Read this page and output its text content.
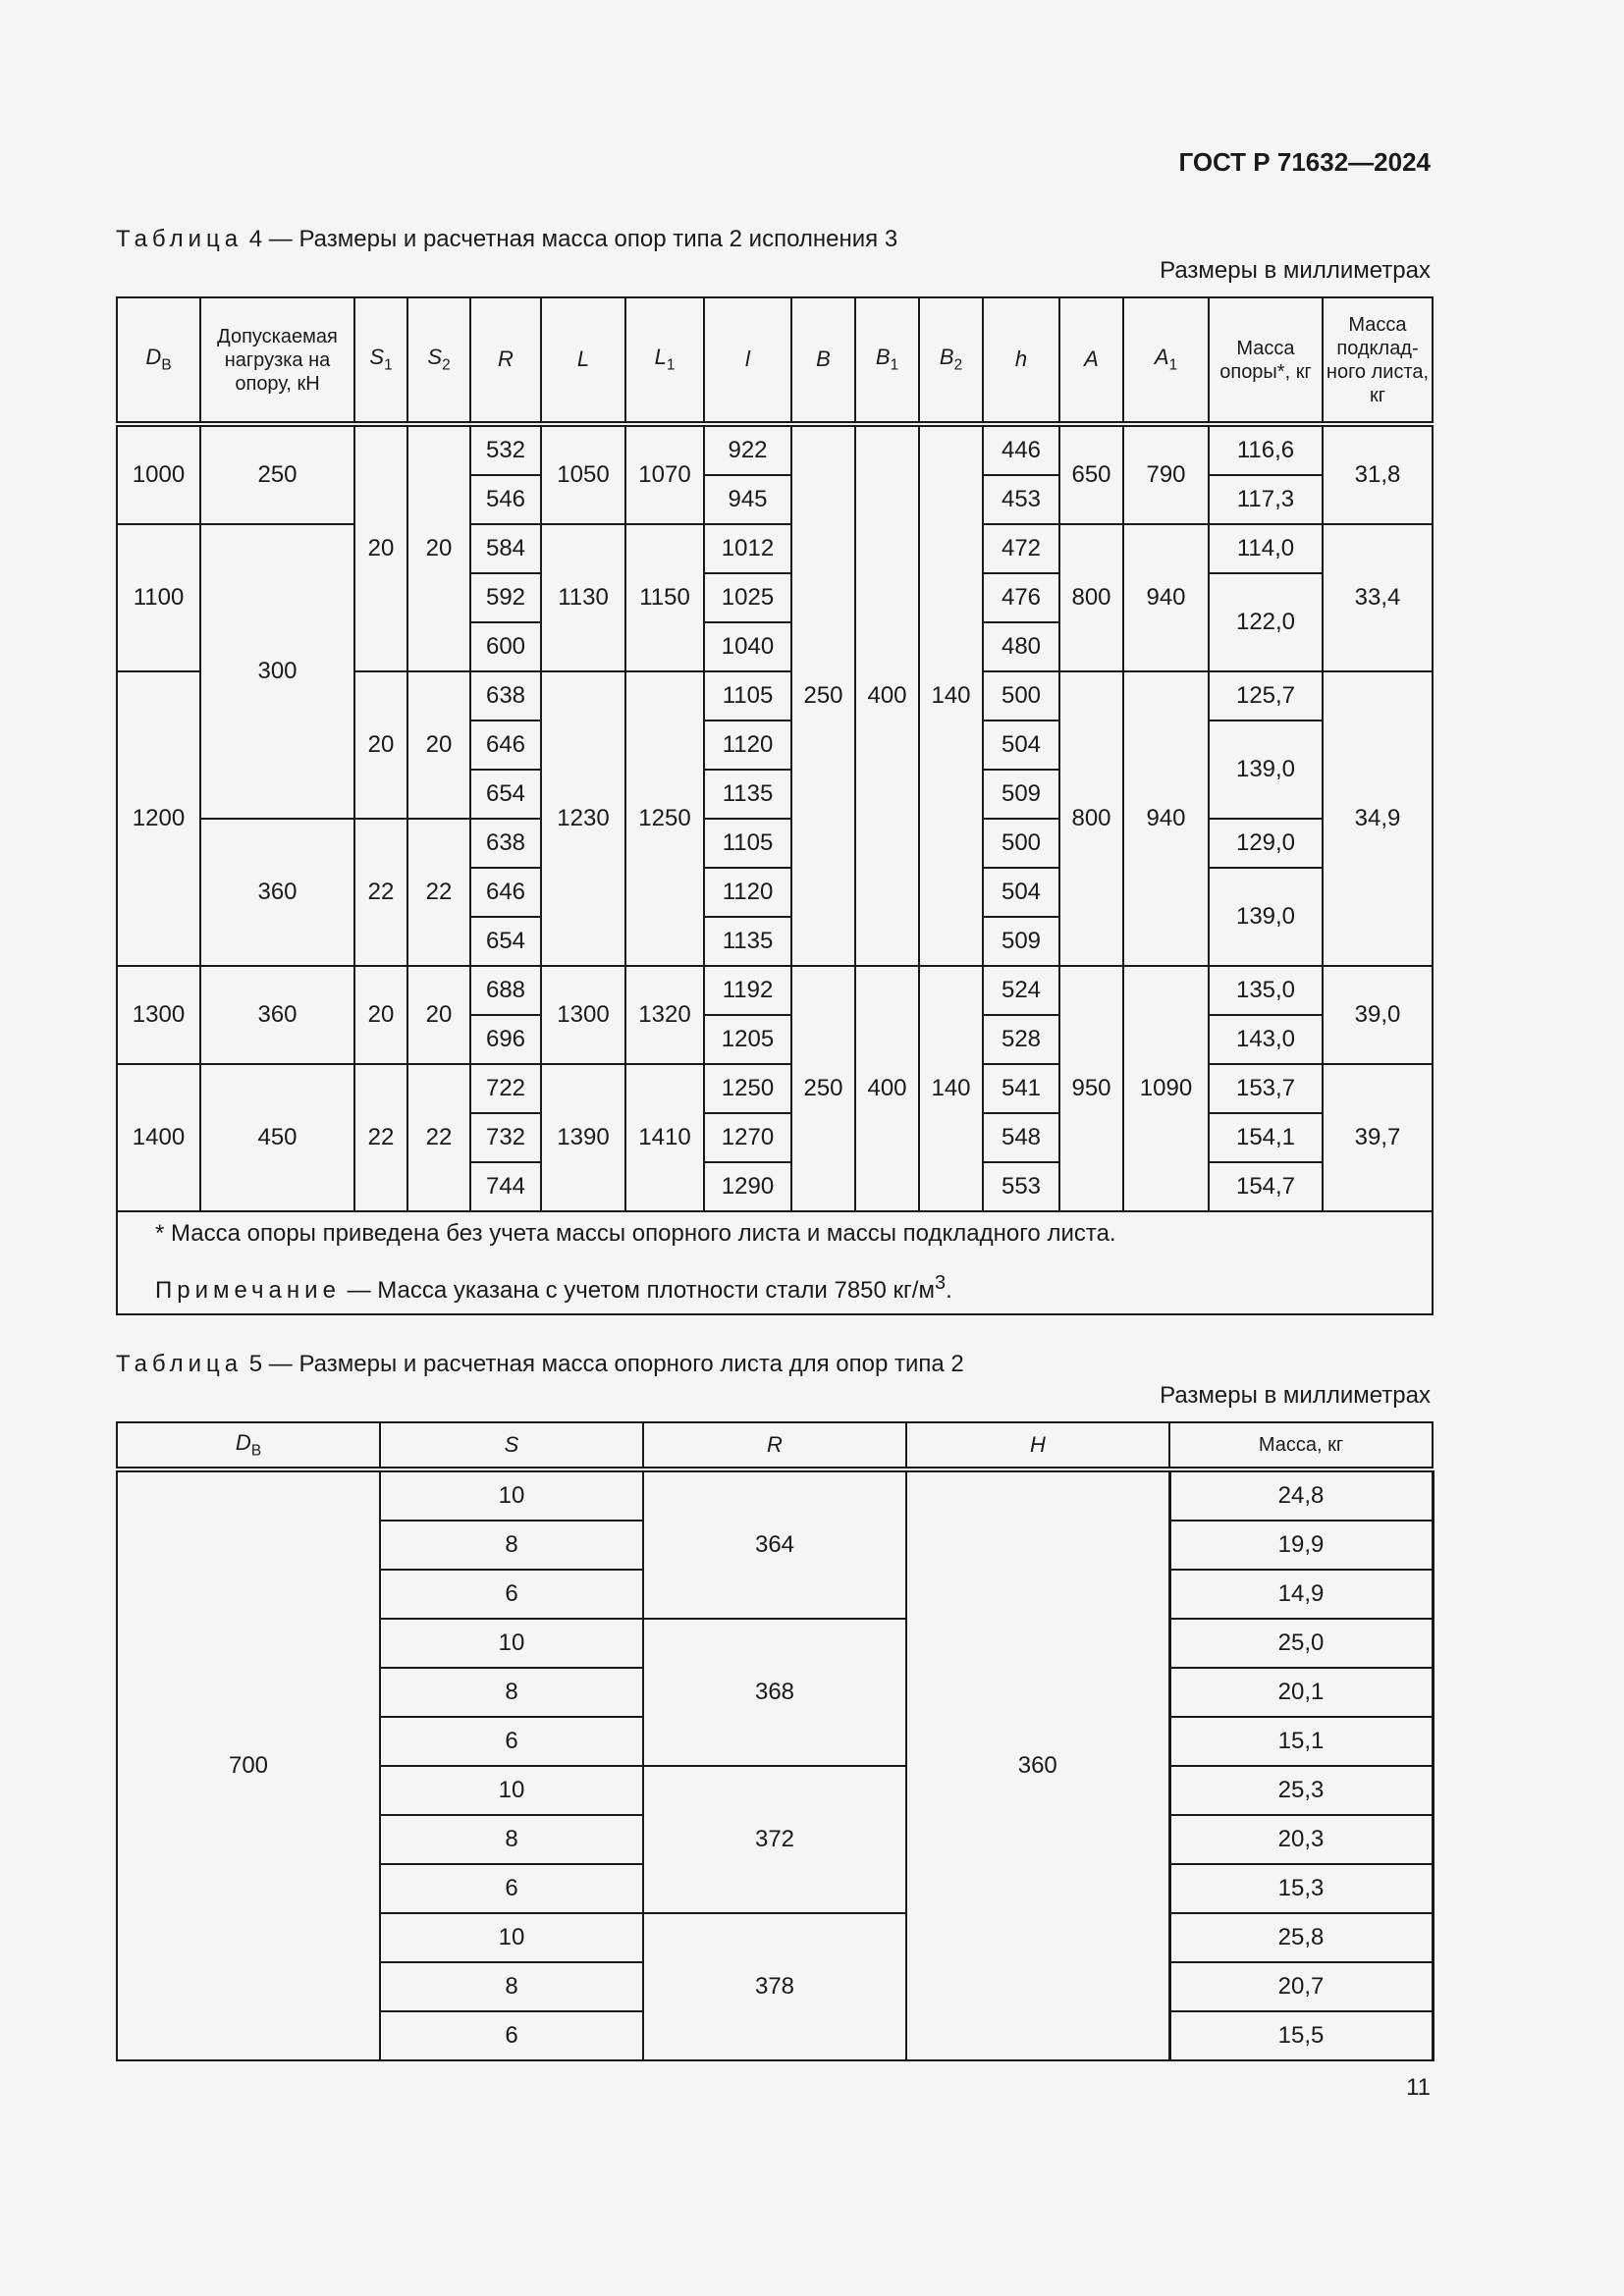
ГОСТ Р 71632—2024
Таблица 4 — Размеры и расчетная масса опор типа 2 исполнения 3
Размеры в миллиметрах
$D_В$	Допускаемая нагрузка на опору, кН	$S_1$	$S_2$	R	L	$L_1$	l	B	$B_1$	$B_2$	h	A	$A_1$	Масса опоры*, кг	Масса подклад-ного листа, кг

1000	250	20	20	532	1050	1070	922	250	400	140	446	650	790	116,6	31,8
				546			945				453			117,3	
1100	300			584	1130	1150	1012				472	800	940	114,0	33,4
				592			1025				476			122,0	
				600			1040				480				
1200		20	20	638	1230	1250	1105				500	800	940	125,7	34,9
				646			1120				504			139,0	
				654			1135				509				
	360	22	22	638			1105				500			129,0	
				646			1120				504			139,0	
				654			1135				509				
1300	360	20	20	688	1300	1320	1192	250	400	140	524	950	1090	135,0	39,0
				696			1205				528			143,0	
1400	450	22	22	722	1390	1410	1250				541			153,7	39,7
				732			1270				548			154,1	
				744			1290				553			154,7	

* Масса опоры приведена без учета массы опорного листа и массы подкладного листа.
Примечание — Масса указана с учетом плотности стали 7850 $кг/м^3$.															
Таблица 5 — Размеры и расчетная масса опорного листа для опор типа 2
Размеры в миллиметрах
$D_В$	S	R	H	Масса, кг

700	10	364	360	24,8
	8			19,9
	6			14,9
	10	368		25,0
	8			20,1
	6			15,1
	10	372		25,3
	8			20,3
	6			15,3
	10	378		25,8
	8			20,7
	6			15,5
11
